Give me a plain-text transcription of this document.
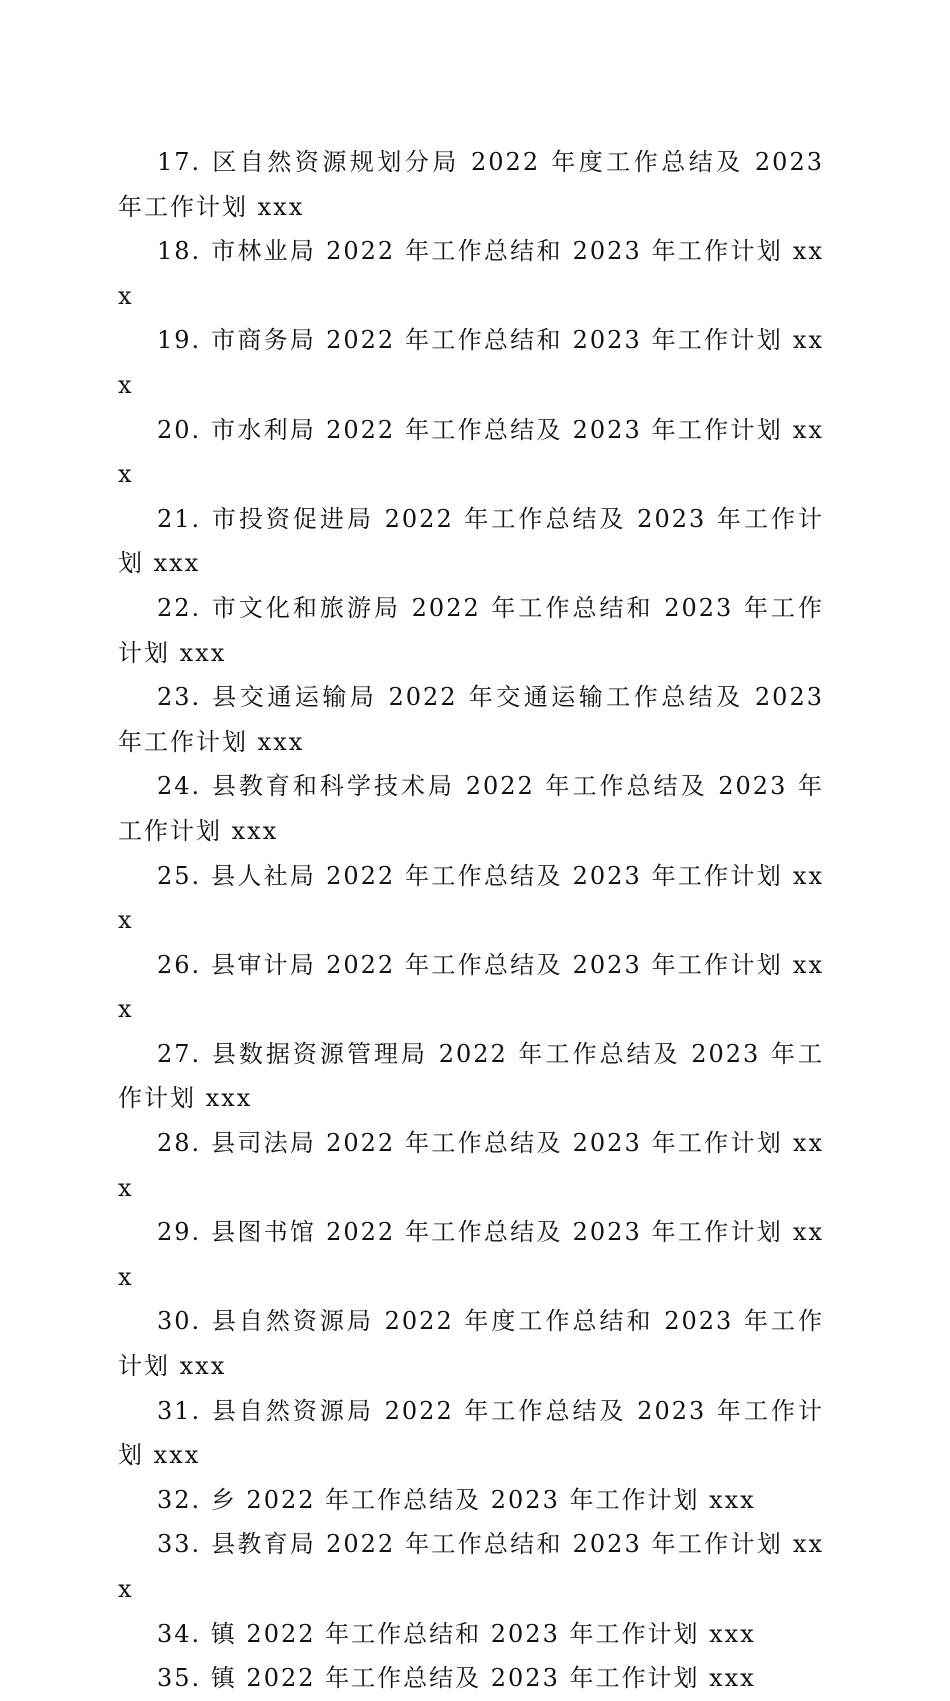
17. 区自然资源规划分局 2022 年度工作总结及 2023 年工作计划 xxx

18. 市林业局 2022 年工作总结和 2023 年工作计划 xxx

19. 市商务局 2022 年工作总结和 2023 年工作计划 xxx

20. 市水利局 2022 年工作总结及 2023 年工作计划 xxx

21. 市投资促进局 2022 年工作总结及 2023 年工作计划 xxx

22. 市文化和旅游局 2022 年工作总结和 2023 年工作计划 xxx

23. 县交通运输局 2022 年交通运输工作总结及 2023 年工作计划 xxx

24. 县教育和科学技术局 2022 年工作总结及 2023 年工作计划 xxx

25. 县人社局 2022 年工作总结及 2023 年工作计划 xxx

26. 县审计局 2022 年工作总结及 2023 年工作计划 xxx

27. 县数据资源管理局 2022 年工作总结及 2023 年工作计划 xxx

28. 县司法局 2022 年工作总结及 2023 年工作计划 xxx

29. 县图书馆 2022 年工作总结及 2023 年工作计划 xxx

30. 县自然资源局 2022 年度工作总结和 2023 年工作计划 xxx

31. 县自然资源局 2022 年工作总结及 2023 年工作计划 xxx

32. 乡 2022 年工作总结及 2023 年工作计划 xxx

33. 县教育局 2022 年工作总结和 2023 年工作计划 xxx

34. 镇 2022 年工作总结和 2023 年工作计划 xxx

35. 镇 2022 年工作总结及 2023 年工作计划 xxx
